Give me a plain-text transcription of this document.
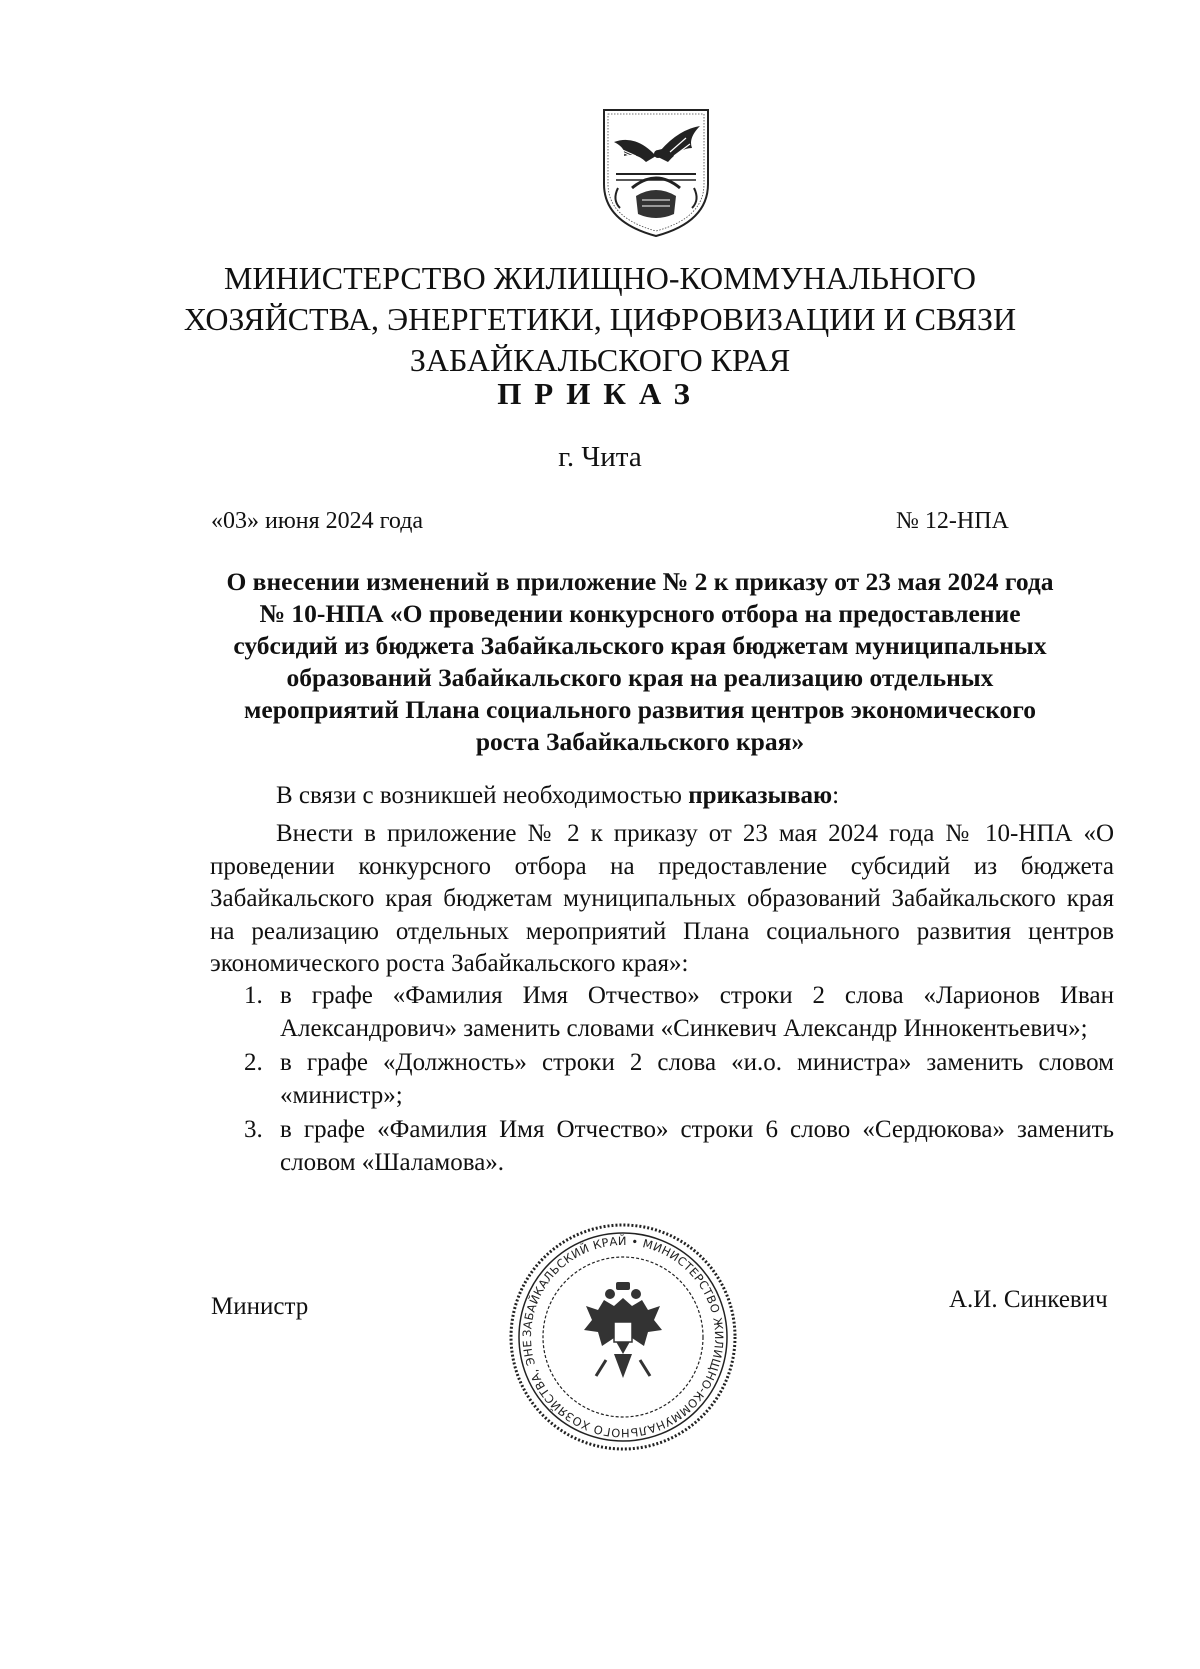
МИНИСТЕРСТВО ЖИЛИЩНО-КОММУНАЛЬНОГО
ХОЗЯЙСТВА, ЭНЕРГЕТИКИ, ЦИФРОВИЗАЦИИ И СВЯЗИ
ЗАБАЙКАЛЬСКОГО КРАЯ
ПРИКАЗ
г. Чита
«03» июня 2024 года	№ 12-НПА
О внесении изменений в приложение № 2 к приказу от 23 мая 2024 года
№ 10-НПА «О проведении конкурсного отбора на предоставление
субсидий из бюджета Забайкальского края бюджетам муниципальных
образований Забайкальского края на реализацию отдельных
мероприятий Плана социального развития центров экономического
роста Забайкальского края»
В связи с возникшей необходимостью приказываю:
Внести в приложение № 2 к приказу от 23 мая 2024 года № 10-НПА «О проведении конкурсного отбора на предоставление субсидий из бюджета Забайкальского края бюджетам муниципальных образований Забайкальского края на реализацию отдельных мероприятий Плана социального развития центров экономического роста Забайкальского края»:
1. в графе «Фамилия Имя Отчество» строки 2 слова «Ларионов Иван Александрович» заменить словами «Синкевич Александр Иннокентьевич»;
2. в графе «Должность» строки 2 слова «и.о. министра» заменить словом «министр»;
3. в графе «Фамилия Имя Отчество» строки 6 слово «Сердюкова» заменить словом «Шаламова».
ЗАБАЙКАЛЬСКИЙ КРАЙ • МИНИСТЕРСТВО ЖИЛИЩНО-КОММУНАЛЬНОГО ХОЗЯЙСТВА, ЭНЕ
Министр	А.И. Синкевич
